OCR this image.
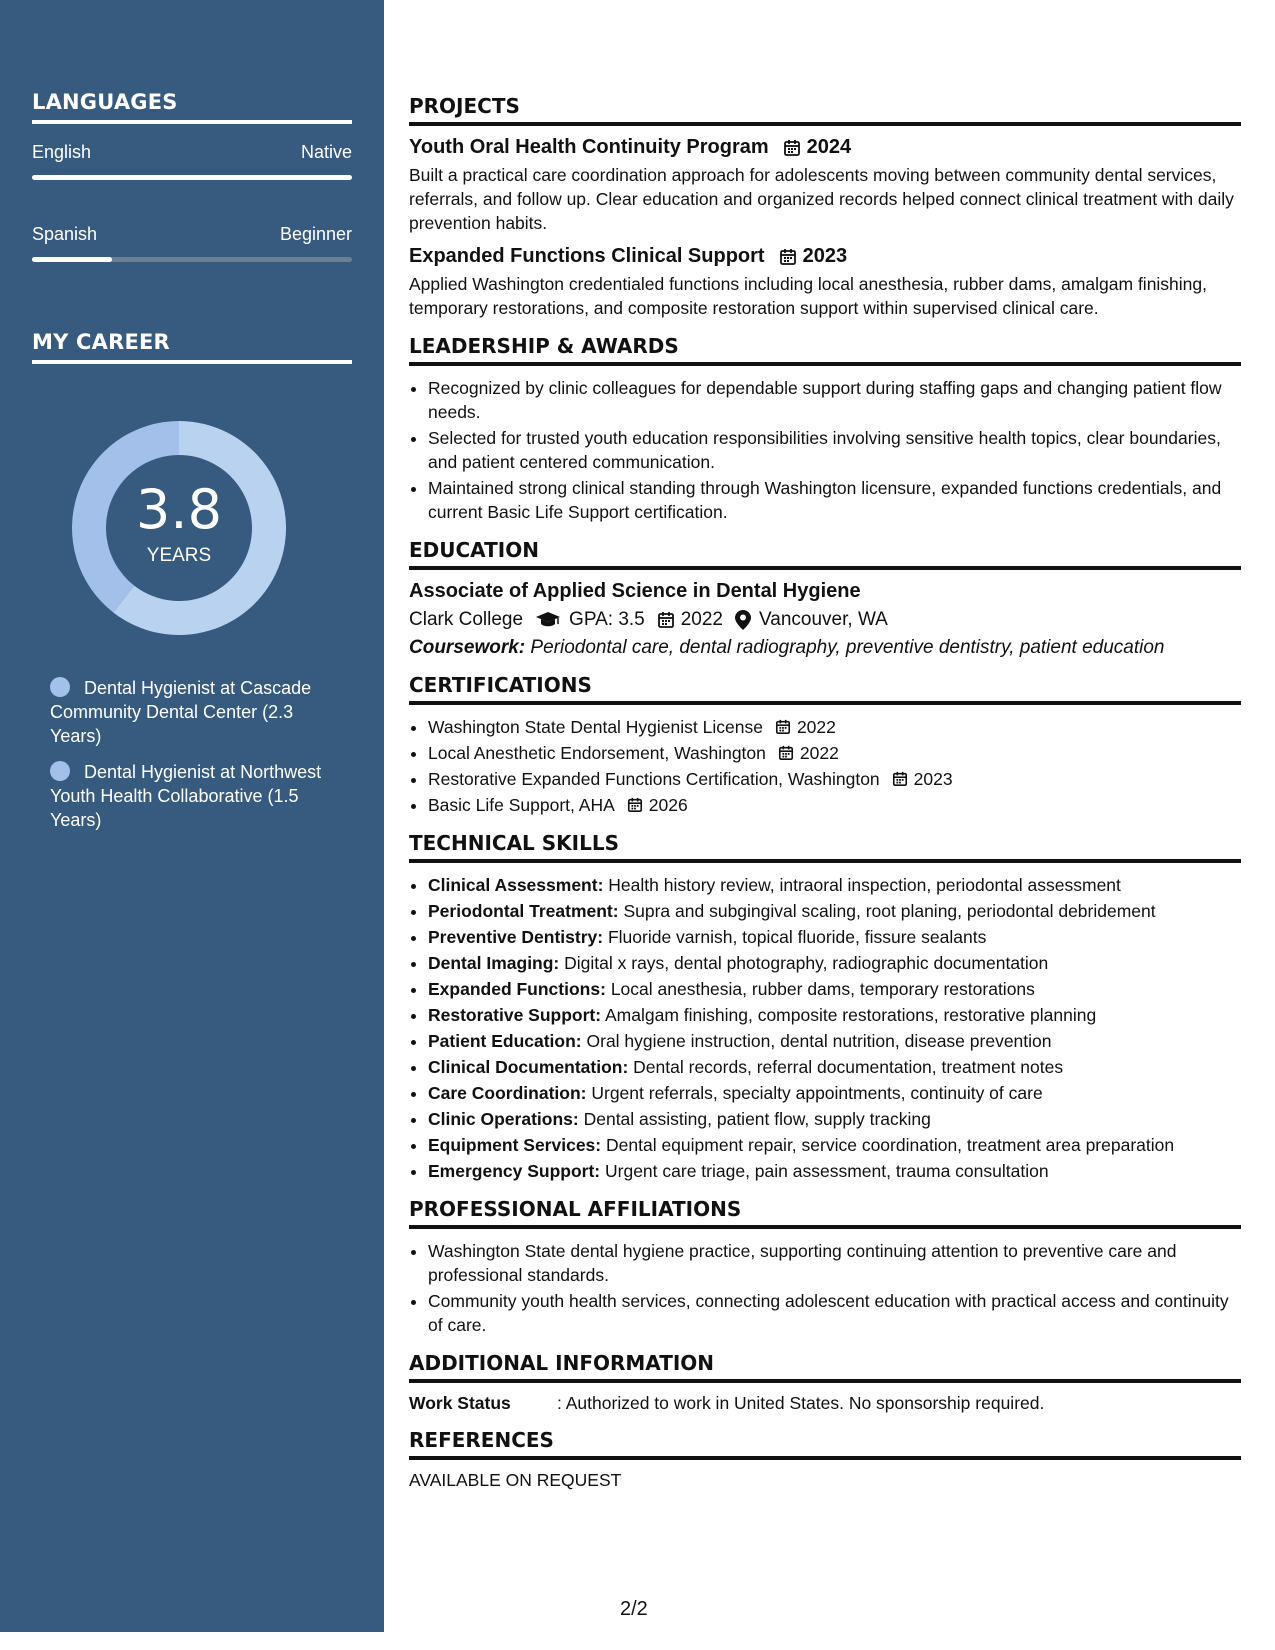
LANGUAGES
English	Native
Spanish	Beginner
MY CAREER
3.8
YEARS
Dental Hygienist at Cascade Community Dental Center (2.3 Years)
Dental Hygienist at Northwest Youth Health Collaborative (1.5 Years)
PROJECTS
Youth Oral Health Continuity Program 2024
Built a practical care coordination approach for adolescents moving between community dental services, referrals, and follow up. Clear education and organized records helped connect clinical treatment with daily prevention habits.
Expanded Functions Clinical Support 2023
Applied Washington credentialed functions including local anesthesia, rubber dams, amalgam finishing, temporary restorations, and composite restoration support within supervised clinical care.
LEADERSHIP & AWARDS
• Recognized by clinic colleagues for dependable support during staffing gaps and changing patient flow needs.
• Selected for trusted youth education responsibilities involving sensitive health topics, clear boundaries, and patient centered communication.
• Maintained strong clinical standing through Washington licensure, expanded functions credentials, and current Basic Life Support certification.
EDUCATION
Associate of Applied Science in Dental Hygiene
Clark College GPA: 3.5 2022 Vancouver, WA
Coursework: Periodontal care, dental radiography, preventive dentistry, patient education
CERTIFICATIONS
• Washington State Dental Hygienist License 2022
• Local Anesthetic Endorsement, Washington 2022
• Restorative Expanded Functions Certification, Washington 2023
• Basic Life Support, AHA 2026
TECHNICAL SKILLS
• Clinical Assessment: Health history review, intraoral inspection, periodontal assessment
• Periodontal Treatment: Supra and subgingival scaling, root planing, periodontal debridement
• Preventive Dentistry: Fluoride varnish, topical fluoride, fissure sealants
• Dental Imaging: Digital x rays, dental photography, radiographic documentation
• Expanded Functions: Local anesthesia, rubber dams, temporary restorations
• Restorative Support: Amalgam finishing, composite restorations, restorative planning
• Patient Education: Oral hygiene instruction, dental nutrition, disease prevention
• Clinical Documentation: Dental records, referral documentation, treatment notes
• Care Coordination: Urgent referrals, specialty appointments, continuity of care
• Clinic Operations: Dental assisting, patient flow, supply tracking
• Equipment Services: Dental equipment repair, service coordination, treatment area preparation
• Emergency Support: Urgent care triage, pain assessment, trauma consultation
PROFESSIONAL AFFILIATIONS
• Washington State dental hygiene practice, supporting continuing attention to preventive care and professional standards.
• Community youth health services, connecting adolescent education with practical access and continuity of care.
ADDITIONAL INFORMATION
Work Status	: Authorized to work in United States. No sponsorship required.
REFERENCES
AVAILABLE ON REQUEST
2/2
